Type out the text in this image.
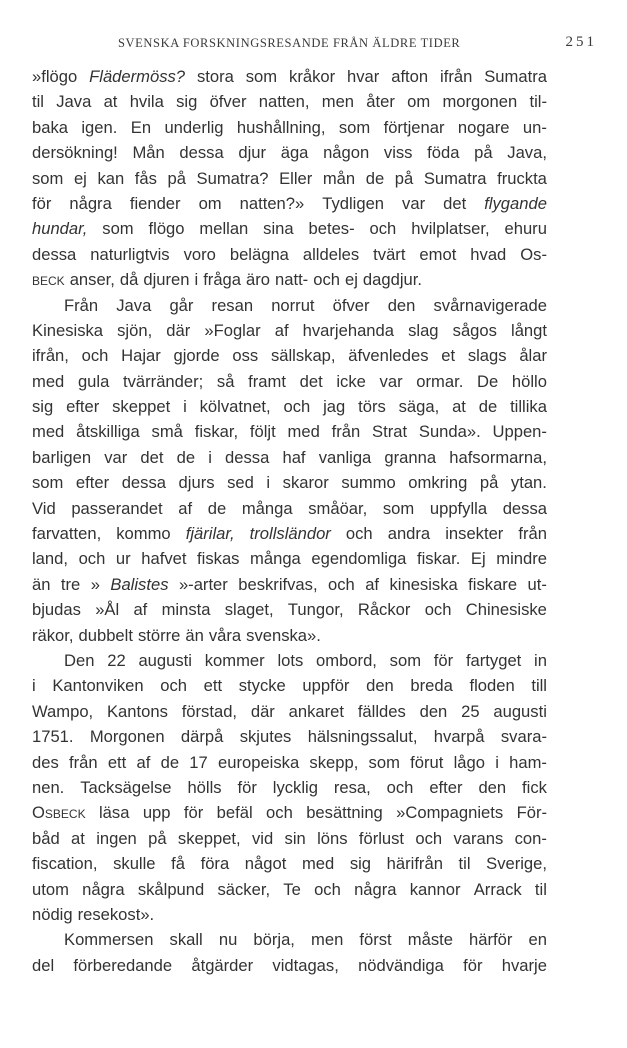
SVENSKA FORSKNINGSRESANDE FRÅN ÄLDRE TIDER	251
»flögo Flädermöss? stora som kråkor hvar afton ifrån Sumatra
til Java at hvila sig öfver natten, men åter om morgonen til-
baka igen. En underlig hushållning, som förtjenar nogare un-
dersökning! Mån dessa djur äga någon viss föda på Java,
som ej kan fås på Sumatra? Eller mån de på Sumatra fruckta
för några fiender om natten?» Tydligen var det flygande
hundar, som flögo mellan sina betes- och hvilplatser, ehuru
dessa naturligtvis voro belägna alldeles tvärt emot hvad Os-
beck anser, då djuren i fråga äro natt- och ej dagdjur.
Från Java går resan norrut öfver den svårnavigerade
Kinesiska sjön, där »Foglar af hvarjehanda slag sågos långt
ifrån, och Hajar gjorde oss sällskap, äfvenledes et slags ålar
med gula tvärränder; så framt det icke var ormar. De höllo
sig efter skeppet i kölvatnet, och jag törs säga, at de tillika
med åtskilliga små fiskar, följt med från Strat Sunda». Uppen-
barligen var det de i dessa haf vanliga granna hafsormarna,
som efter dessa djurs sed i skaror summo omkring på ytan.
Vid passerandet af de många småöar, som uppfylla dessa
farvatten, kommo fjärilar, trollsländor och andra insekter från
land, och ur hafvet fiskas många egendomliga fiskar. Ej mindre
än tre » Balistes »-arter beskrifvas, och af kinesiska fiskare ut-
bjudas »Ål af minsta slaget, Tungor, Råckor och Chinesiske
räkor, dubbelt större än våra svenska».
Den 22 augusti kommer lots ombord, som för fartyget in
i Kantonviken och ett stycke uppför den breda floden till
Wampo, Kantons förstad, där ankaret fälldes den 25 augusti
1751. Morgonen därpå skjutes hälsningssalut, hvarpå svara-
des från ett af de 17 europeiska skepp, som förut lågo i ham-
nen. Tacksägelse hölls för lycklig resa, och efter den fick
Osbeck läsa upp för befäl och besättning »Compagniets För-
båd at ingen på skeppet, vid sin löns förlust och varans con-
fiscation, skulle få föra något med sig härifrån til Sverige,
utom några skålpund säcker, Te och några kannor Arrack til
nödig resekost».
Kommersen skall nu börja, men först måste härför en
del förberedande åtgärder vidtagas, nödvändiga för hvarje
